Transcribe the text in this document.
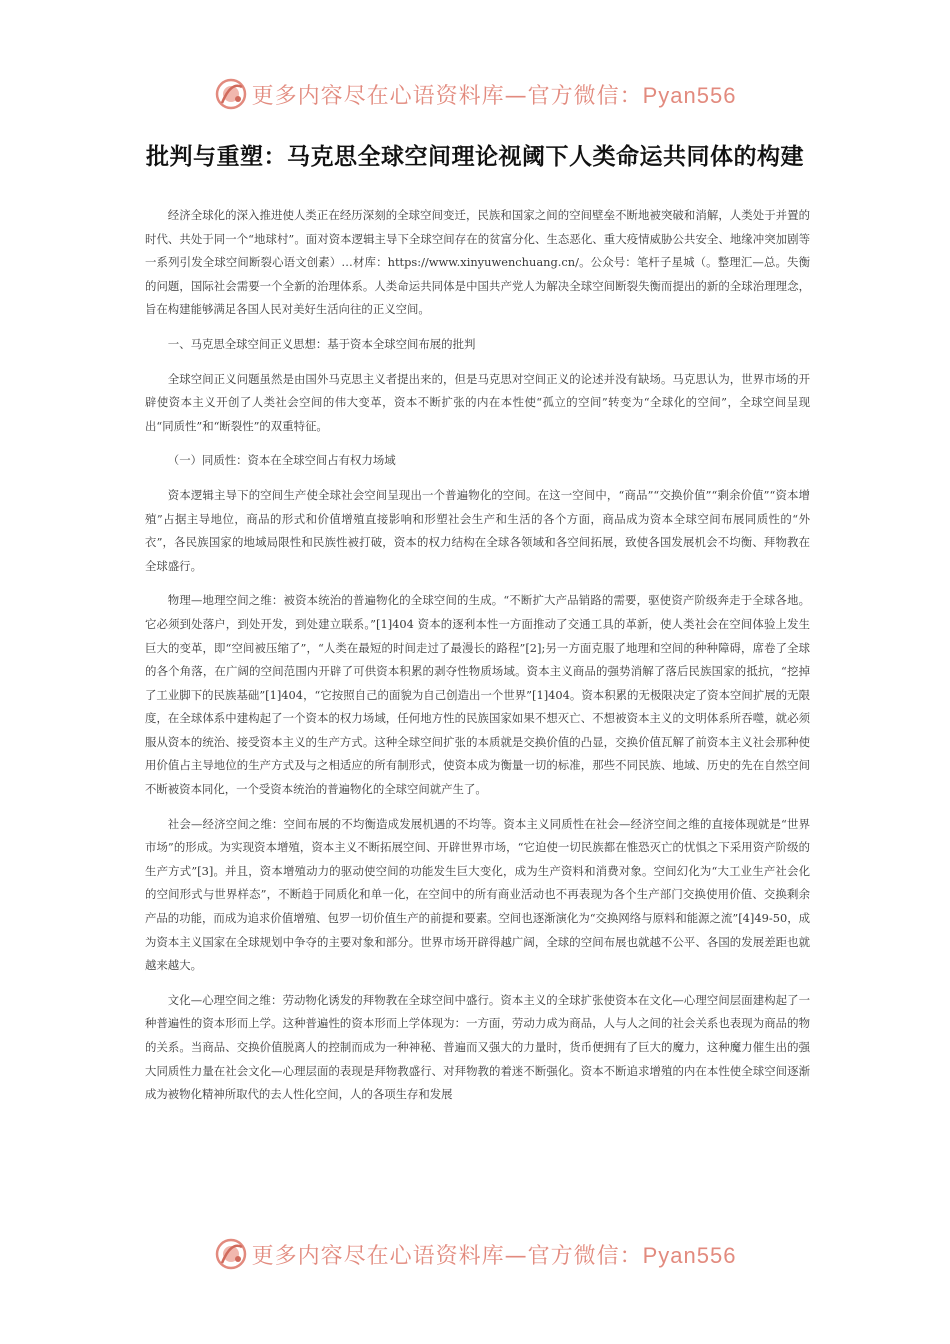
更多内容尽在心语资料库—官方微信：Pyan556
批判与重塑：马克思全球空间理论视阈下人类命运共同体的构建

经济全球化的深入推进使人类正在经历深刻的全球空间变迁，民族和国家之间的空间壁垒不断地被突破和消解，人类处于并置的时代、共处于同一个“地球村”。面对资本逻辑主导下全球空间存在的贫富分化、生态恶化、重大疫情威胁公共安全、地缘冲突加剧等一系列引发全球空间断裂心语文创素）…材库：https://www.xinyuwenchuang.cn/。公众号：笔杆子星城（。整理汇—总。失衡的问题，国际社会需要一个全新的治理体系。人类命运共同体是中国共产党人为解决全球空间断裂失衡而提出的新的全球治理理念，旨在构建能够满足各国人民对美好生活向往的正义空间。

一、马克思全球空间正义思想：基于资本全球空间布展的批判

全球空间正义问题虽然是由国外马克思主义者提出来的，但是马克思对空间正义的论述并没有缺场。马克思认为，世界市场的开辟使资本主义开创了人类社会空间的伟大变革，资本不断扩张的内在本性使“孤立的空间”转变为“全球化的空间”，全球空间呈现出“同质性”和“断裂性”的双重特征。

（一）同质性：资本在全球空间占有权力场域

资本逻辑主导下的空间生产使全球社会空间呈现出一个普遍物化的空间。在这一空间中，“商品”“交换价值”“剩余价值”“资本增殖”占据主导地位，商品的形式和价值增殖直接影响和形塑社会生产和生活的各个方面，商品成为资本全球空间布展同质性的“外衣”，各民族国家的地域局限性和民族性被打破，资本的权力结构在全球各领域和各空间拓展，致使各国发展机会不均衡、拜物教在全球盛行。

物理—地理空间之维：被资本统治的普遍物化的全球空间的生成。“不断扩大产品销路的需要，驱使资产阶级奔走于全球各地。它必须到处落户，到处开发，到处建立联系。”[1]404 资本的逐利本性一方面推动了交通工具的革新，使人类社会在空间体验上发生巨大的变革，即“空间被压缩了”，“人类在最短的时间走过了最漫长的路程”[2];另一方面克服了地理和空间的种种障碍，席卷了全球的各个角落，在广阔的空间范围内开辟了可供资本积累的剥夺性物质场域。资本主义商品的强势消解了落后民族国家的抵抗，“挖掉了工业脚下的民族基础”[1]404，“它按照自己的面貌为自己创造出一个世界”[1]404。资本积累的无极限决定了资本空间扩展的无限度，在全球体系中建构起了一个资本的权力场域，任何地方性的民族国家如果不想灭亡、不想被资本主义的文明体系所吞噬，就必须服从资本的统治、接受资本主义的生产方式。这种全球空间扩张的本质就是交换价值的凸显，交换价值瓦解了前资本主义社会那种使用价值占主导地位的生产方式及与之相适应的所有制形式，使资本成为衡量一切的标准，那些不同民族、地域、历史的先在自然空间不断被资本同化，一个受资本统治的普遍物化的全球空间就产生了。

社会—经济空间之维：空间布展的不均衡造成发展机遇的不均等。资本主义同质性在社会—经济空间之维的直接体现就是“世界市场”的形成。为实现资本增殖，资本主义不断拓展空间、开辟世界市场，“它迫使一切民族都在惟恐灭亡的忧惧之下采用资产阶级的生产方式”[3]。并且，资本增殖动力的驱动使空间的功能发生巨大变化，成为生产资料和消费对象。空间幻化为“大工业生产社会化的空间形式与世界样态”，不断趋于同质化和单一化，在空间中的所有商业活动也不再表现为各个生产部门交换使用价值、交换剩余产品的功能，而成为追求价值增殖、包罗一切价值生产的前提和要素。空间也逐渐演化为“交换网络与原料和能源之流”[4]49-50，成为资本主义国家在全球规划中争夺的主要对象和部分。世界市场开辟得越广阔，全球的空间布展也就越不公平、各国的发展差距也就越来越大。

文化—心理空间之维：劳动物化诱发的拜物教在全球空间中盛行。资本主义的全球扩张使资本在文化—心理空间层面建构起了一种普遍性的资本形而上学。这种普遍性的资本形而上学体现为：一方面，劳动力成为商品，人与人之间的社会关系也表现为商品的物的关系。当商品、交换价值脱离人的控制而成为一种神秘、普遍而又强大的力量时，货币便拥有了巨大的魔力，这种魔力催生出的强大同质性力量在社会文化—心理层面的表现是拜物教盛行、对拜物教的着迷不断强化。资本不断追求增殖的内在本性使全球空间逐渐成为被物化精神所取代的去人性化空间，人的各项生存和发展

更多内容尽在心语资料库—官方微信：Pyan556
